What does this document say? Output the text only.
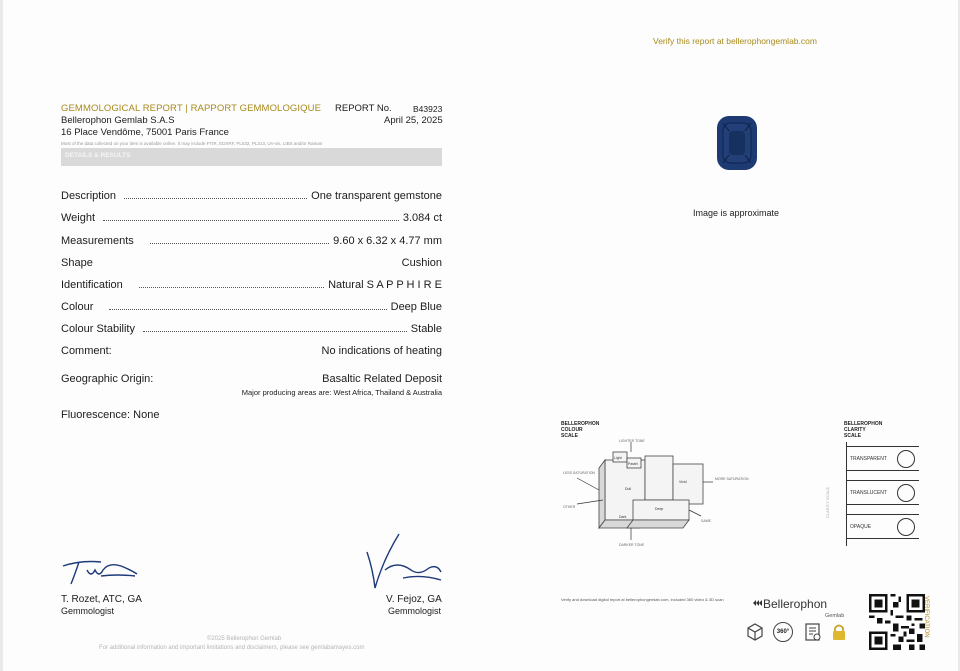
Verify this report at bellerophongemlab.com
GEMMOLOGICAL REPORT | RAPPORT GEMMOLOGIQUE REPORT No.	B43923
Bellerophon Gemlab S.A.S	April 25, 2025
16 Place Vendôme, 75001 Paris France
Most of the data collected on your item is available online. It may include FTIR, EDXRF, PL532, PL313, UV-vis, LIBS and/or Raman
DETAILS & RESULTS
Description	One transparent gemstone
Weight	3.084 ct
Measurements	9.60 x 6.32 x 4.77 mm
Shape	Cushion
Identification	Natural S A P P H I R E
Colour	Deep Blue
Colour Stability	Stable
Comment:	No indications of heating
Geographic Origin:	Basaltic Related Deposit
Major producing areas are: West Africa, Thailand & Australia
Fluorescence: None
Image is approximate
BELLEROPHON
COLOUR
SCALE
LIGHTER TONE
DARKER TONE
LESS SATURATION
MORE SATURATION
OTHER
SAME
Light
Pastel
Vivid
Dark
Deep
Dull
BELLEROPHON
CLARITY
SCALE
CLARITY SCALE
TRANSPARENT
TRANSLUCENT
OPAQUE
T. Rozet, ATC, GA
Gemmologist
V. Fejoz, GA
Gemmologist
©2025 Bellerophon Gemlab
For additional information and important limitations and disclaimers, please see gemlabamayes.com
Verify and download digital report at bellerophongemlab.com, included 360 video & 3D scan	Bellerophon
Gemlab
360°	VERIFICATION
